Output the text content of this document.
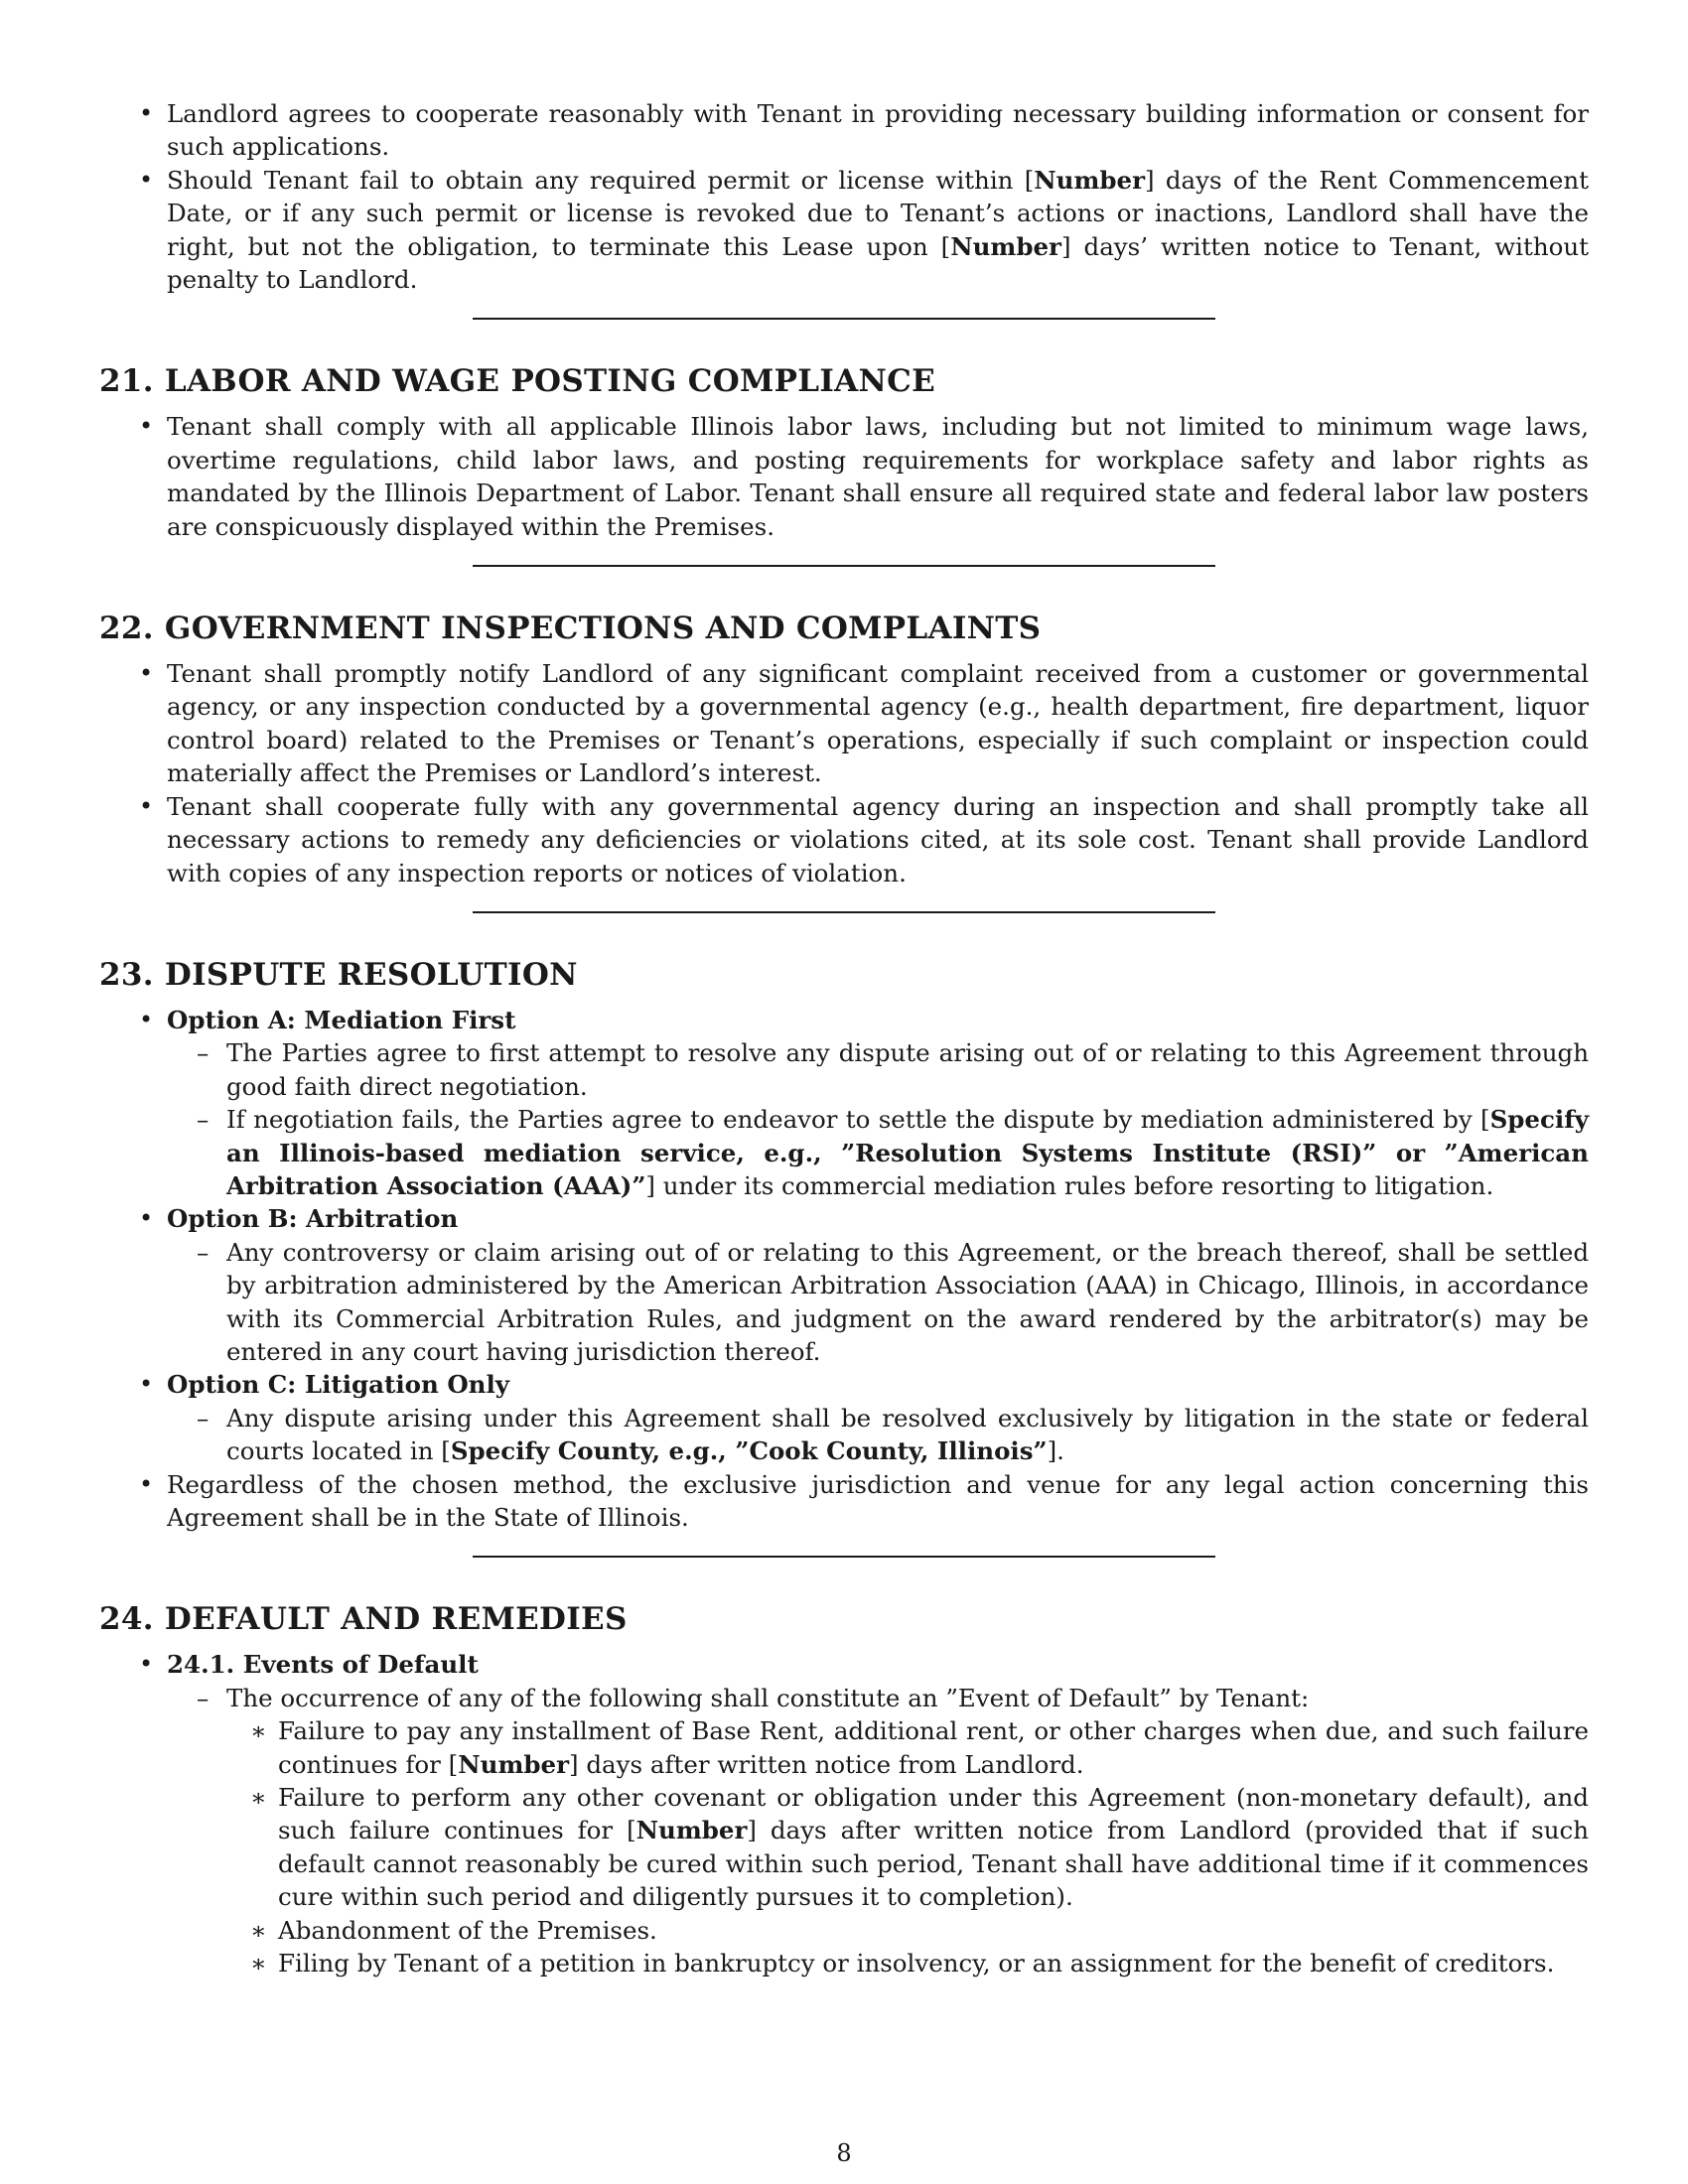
• Landlord agrees to cooperate reasonably with Tenant in providing necessary building information or consent for such applications.
• Should Tenant fail to obtain any required permit or license within [Number] days of the Rent Commencement Date, or if any such permit or license is revoked due to Tenant’s actions or inactions, Landlord shall have the right, but not the obligation, to terminate this Lease upon [Number] days’ written notice to Tenant, without penalty to Landlord.
21. LABOR AND WAGE POSTING COMPLIANCE
• Tenant shall comply with all applicable Illinois labor laws, including but not limited to minimum wage laws, overtime regulations, child labor laws, and posting requirements for workplace safety and labor rights as mandated by the Illinois Department of Labor. Tenant shall ensure all required state and federal labor law posters are conspicuously displayed within the Premises.
22. GOVERNMENT INSPECTIONS AND COMPLAINTS
• Tenant shall promptly notify Landlord of any significant complaint received from a customer or governmental agency, or any inspection conducted by a governmental agency (e.g., health department, fire department, liquor control board) related to the Premises or Tenant’s operations, especially if such complaint or inspection could materially affect the Premises or Landlord’s interest.
• Tenant shall cooperate fully with any governmental agency during an inspection and shall promptly take all necessary actions to remedy any deficiencies or violations cited, at its sole cost. Tenant shall provide Landlord with copies of any inspection reports or notices of violation.
23. DISPUTE RESOLUTION
• Option A: Mediation First
– The Parties agree to first attempt to resolve any dispute arising out of or relating to this Agreement through good faith direct negotiation.
– If negotiation fails, the Parties agree to endeavor to settle the dispute by mediation administered by [Specify an Illinois-based mediation service, e.g., ”Resolution Systems Institute (RSI)” or ”American Arbitration Association (AAA)”] under its commercial mediation rules before resorting to litigation.
• Option B: Arbitration
– Any controversy or claim arising out of or relating to this Agreement, or the breach thereof, shall be settled by arbitration administered by the American Arbitration Association (AAA) in Chicago, Illinois, in accordance with its Commercial Arbitration Rules, and judgment on the award rendered by the arbitrator(s) may be entered in any court having jurisdiction thereof.
• Option C: Litigation Only
– Any dispute arising under this Agreement shall be resolved exclusively by litigation in the state or federal courts located in [Specify County, e.g., ”Cook County, Illinois”].
• Regardless of the chosen method, the exclusive jurisdiction and venue for any legal action concerning this Agreement shall be in the State of Illinois.
24. DEFAULT AND REMEDIES
• 24.1. Events of Default
– The occurrence of any of the following shall constitute an ”Event of Default” by Tenant:
∗ Failure to pay any installment of Base Rent, additional rent, or other charges when due, and such failure continues for [Number] days after written notice from Landlord.
∗ Failure to perform any other covenant or obligation under this Agreement (non-monetary default), and such failure continues for [Number] days after written notice from Landlord (provided that if such default cannot reasonably be cured within such period, Tenant shall have additional time if it commences cure within such period and diligently pursues it to completion).
∗ Abandonment of the Premises.
∗ Filing by Tenant of a petition in bankruptcy or insolvency, or an assignment for the benefit of creditors.
8
